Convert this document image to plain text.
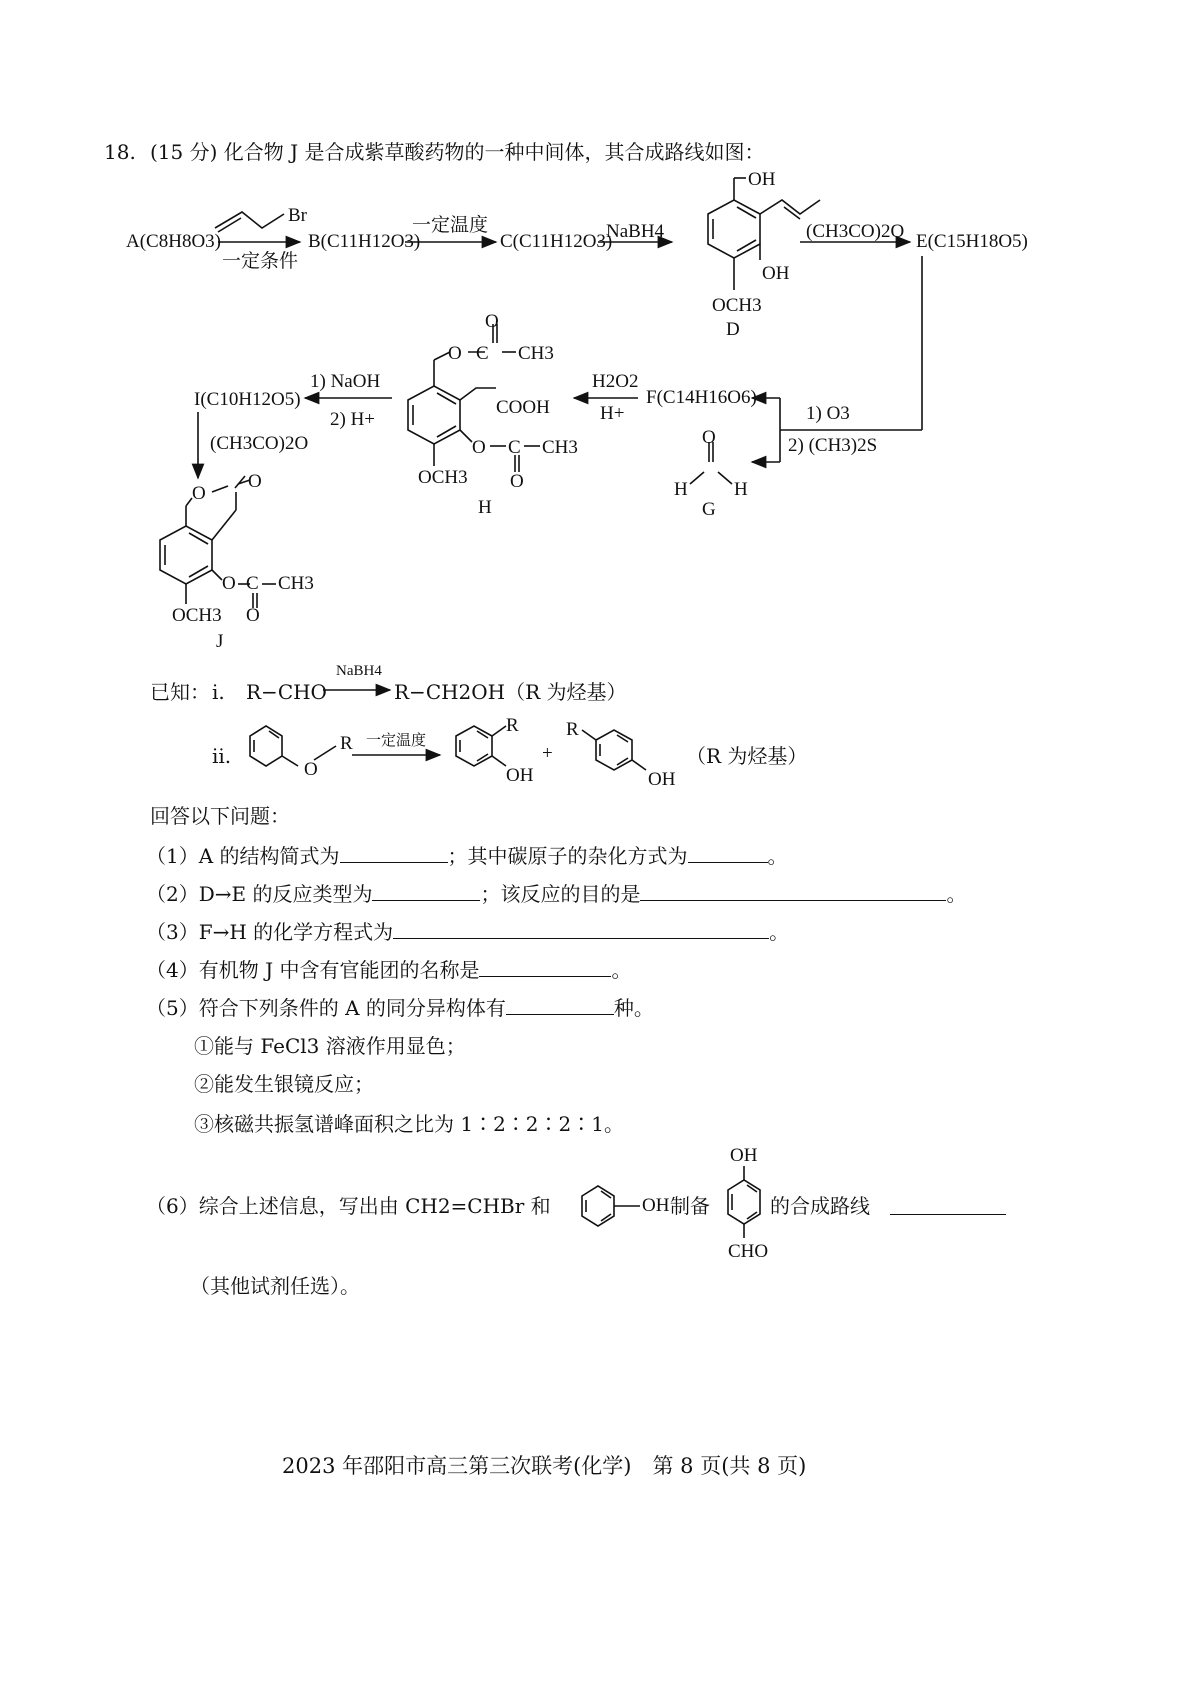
18. (15 分) 化合物 J 是合成紫草酸药物的一种中间体，其合成路线如图：
A(C8H8O3)
Br
一定条件
B(C11H12O3)
一定温度
C(C11H12O3)
NaBH4
OH
OH
OCH3
D
(CH3CO)2O E(C15H18O5)
1) O3
2) (CH3)2S
F(C14H16O6)
O
H H
G
H2O2
H+
O
O
C CH3
COOH
O C CH3
O
OCH3
H
1) NaOH
2) H+
I(C10H12O5)
(CH3CO)2O
O
O
O C CH3
O
OCH3
J
已知： i. R−CHO
NaBH4
R−CH2OH（R 为烃基）
ii.
O
R 一定温度
R
OH
+
R
OH
（R 为烃基）
回答以下问题：
（1）A 的结构简式为	；其中碳原子的杂化方式为	。
（2）D→E 的反应类型为	；该反应的目的是	。
（3）F→H 的化学方程式为	。
（4）有机物 J 中含有官能团的名称是	。
（5）符合下列条件的 A 的同分异构体有	种。
①能与 FeCl3 溶液作用显色；
②能发生银镜反应；
③核磁共振氢谱峰面积之比为 1∶2∶2∶2∶1。
（6）综合上述信息，写出由 CH2=CHBr 和	OH 制备
OH
CHO
的合成路线
（其他试剂任选）。
2023 年邵阳市高三第三次联考(化学)　第 8 页(共 8 页)
